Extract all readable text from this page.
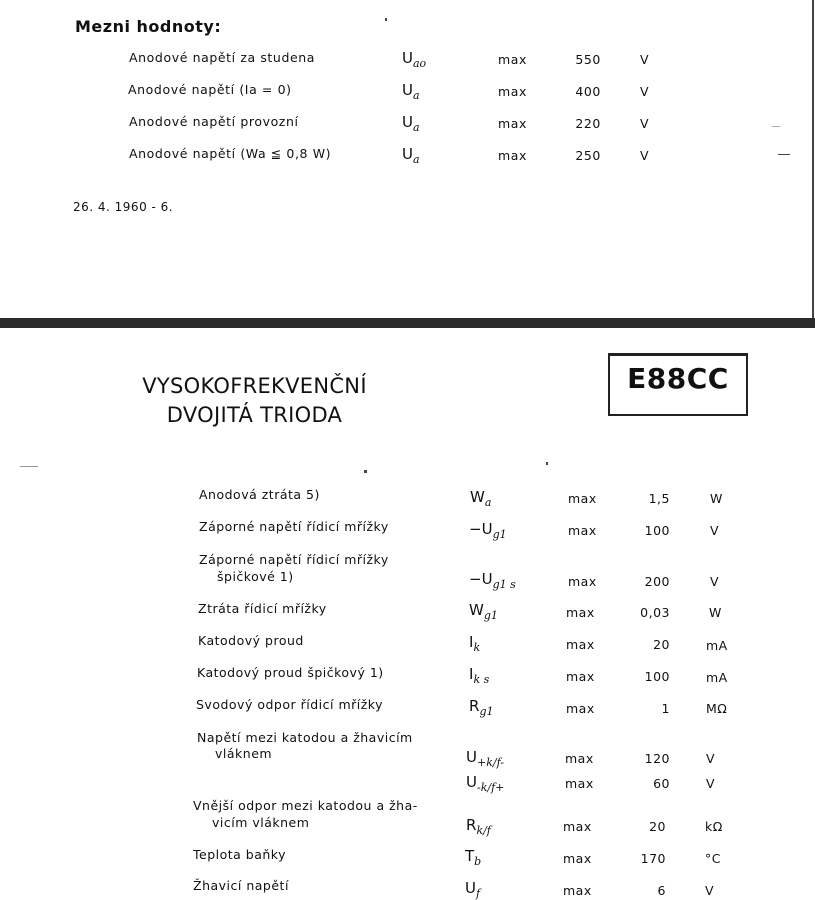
Mezni hodnoty:
Anodové napětí za studena	$U_{ao}$	max	550	V
Anodové napětí (Ia = 0)	$U_a$	max	400	V
Anodové napětí provozní	$U_a$	max	220	V
Anodové napětí (Wa ≦ 0,8 W)	$U_a$	max	250	V
26. 4. 1960 - 6.
VYSOKOFREKVENČNÍ
DVOJITÁ TRIODA
E88CC
Anodová ztráta 5)	$W_a$	max	1,5	W
Záporné napětí řídicí mřížky	$-U_{g1}$	max	100	V
Záporné napětí řídicí mřížky
špičkové 1)	$-U_{g1 s}$	max	200	V
Ztráta řídicí mřížky	$W_{g1}$	max	0,03	W
Katodový proud	$I_k$	max	20	mA
Katodový proud špičkový 1)	$I_{k s}$	max	100	mA
Svodový odpor řídicí mřížky	$R_{g1}$	max	1	MΩ
Napětí mezi katodou a žhavicím
vláknem	$U_{+k/f-}$	max	120	V
$U_{-k/f+}$	max	60	V
Vnější odpor mezi katodou a žha-
vicím vláknem	$R_{k/f}$	max	20	kΩ
Teplota baňky	$T_b$	max	170	°C
Žhavicí napětí	$U_f$	max	6	V
